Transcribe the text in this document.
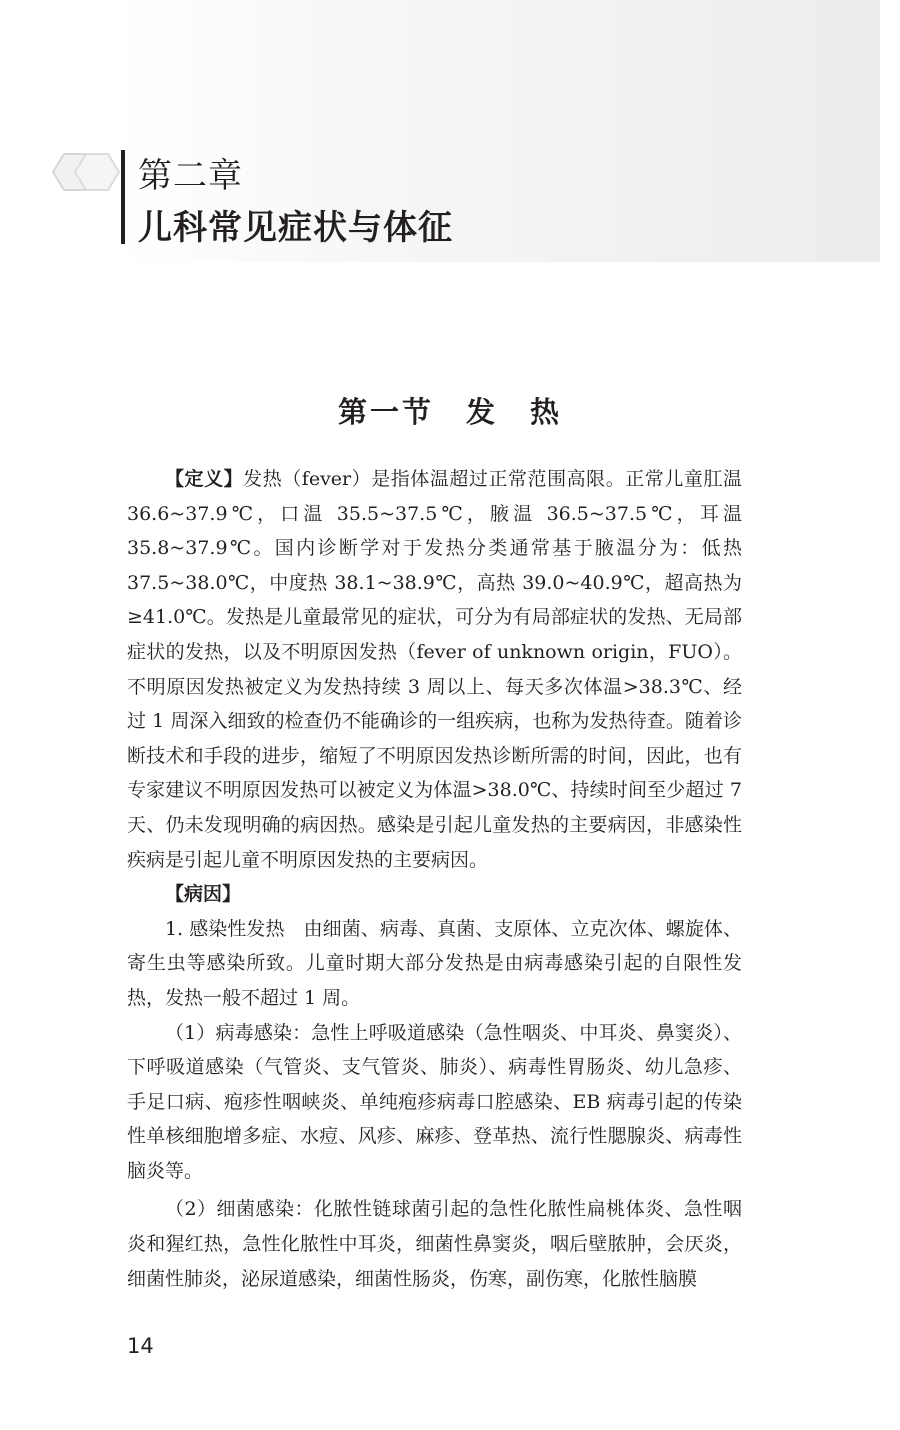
第二章
儿科常见症状与体征
第一节　发　热

【定义】发热（fever）是指体温超过正常范围高限。正常儿童肛温 36.6~37.9℃，口温 35.5~37.5℃，腋温 36.5~37.5℃，耳温 35.8~37.9℃。国内诊断学对于发热分类通常基于腋温分为：低热 37.5~38.0℃，中度热 38.1~38.9℃，高热 39.0~40.9℃，超高热为≥41.0℃。发热是儿童最常见的症状，可分为有局部症状的发热、无局部症状的发热，以及不明原因发热（fever of unknown origin，FUO）。不明原因发热被定义为发热持续 3 周以上、每天多次体温>38.3℃、经过 1 周深入细致的检查仍不能确诊的一组疾病，也称为发热待查。随着诊断技术和手段的进步，缩短了不明原因发热诊断所需的时间，因此，也有专家建议不明原因发热可以被定义为体温>38.0℃、持续时间至少超过 7 天、仍未发现明确的病因热。感染是引起儿童发热的主要病因，非感染性疾病是引起儿童不明原因发热的主要病因。

【病因】

1. 感染性发热　 由细菌、病毒、真菌、支原体、立克次体、螺旋体、寄生虫等感染所致。儿童时期大部分发热是由病毒感染引起的自限性发热，发热一般不超过 1 周。

（1）病毒感染：急性上呼吸道感染（急性咽炎、中耳炎、鼻窦炎）、下呼吸道感染（气管炎、支气管炎、肺炎）、病毒性胃肠炎、幼儿急疹、手足口病、疱疹性咽峡炎、单纯疱疹病毒口腔感染、EB 病毒引起的传染性单核细胞增多症、水痘、风疹、麻疹、登革热、流行性腮腺炎、病毒性脑炎等。

（2）细菌感染：化脓性链球菌引起的急性化脓性扁桃体炎、急性咽炎和猩红热，急性化脓性中耳炎，细菌性鼻窦炎，咽后壁脓肿，会厌炎，细菌性肺炎，泌尿道感染，细菌性肠炎，伤寒，副伤寒，化脓性脑膜

14
